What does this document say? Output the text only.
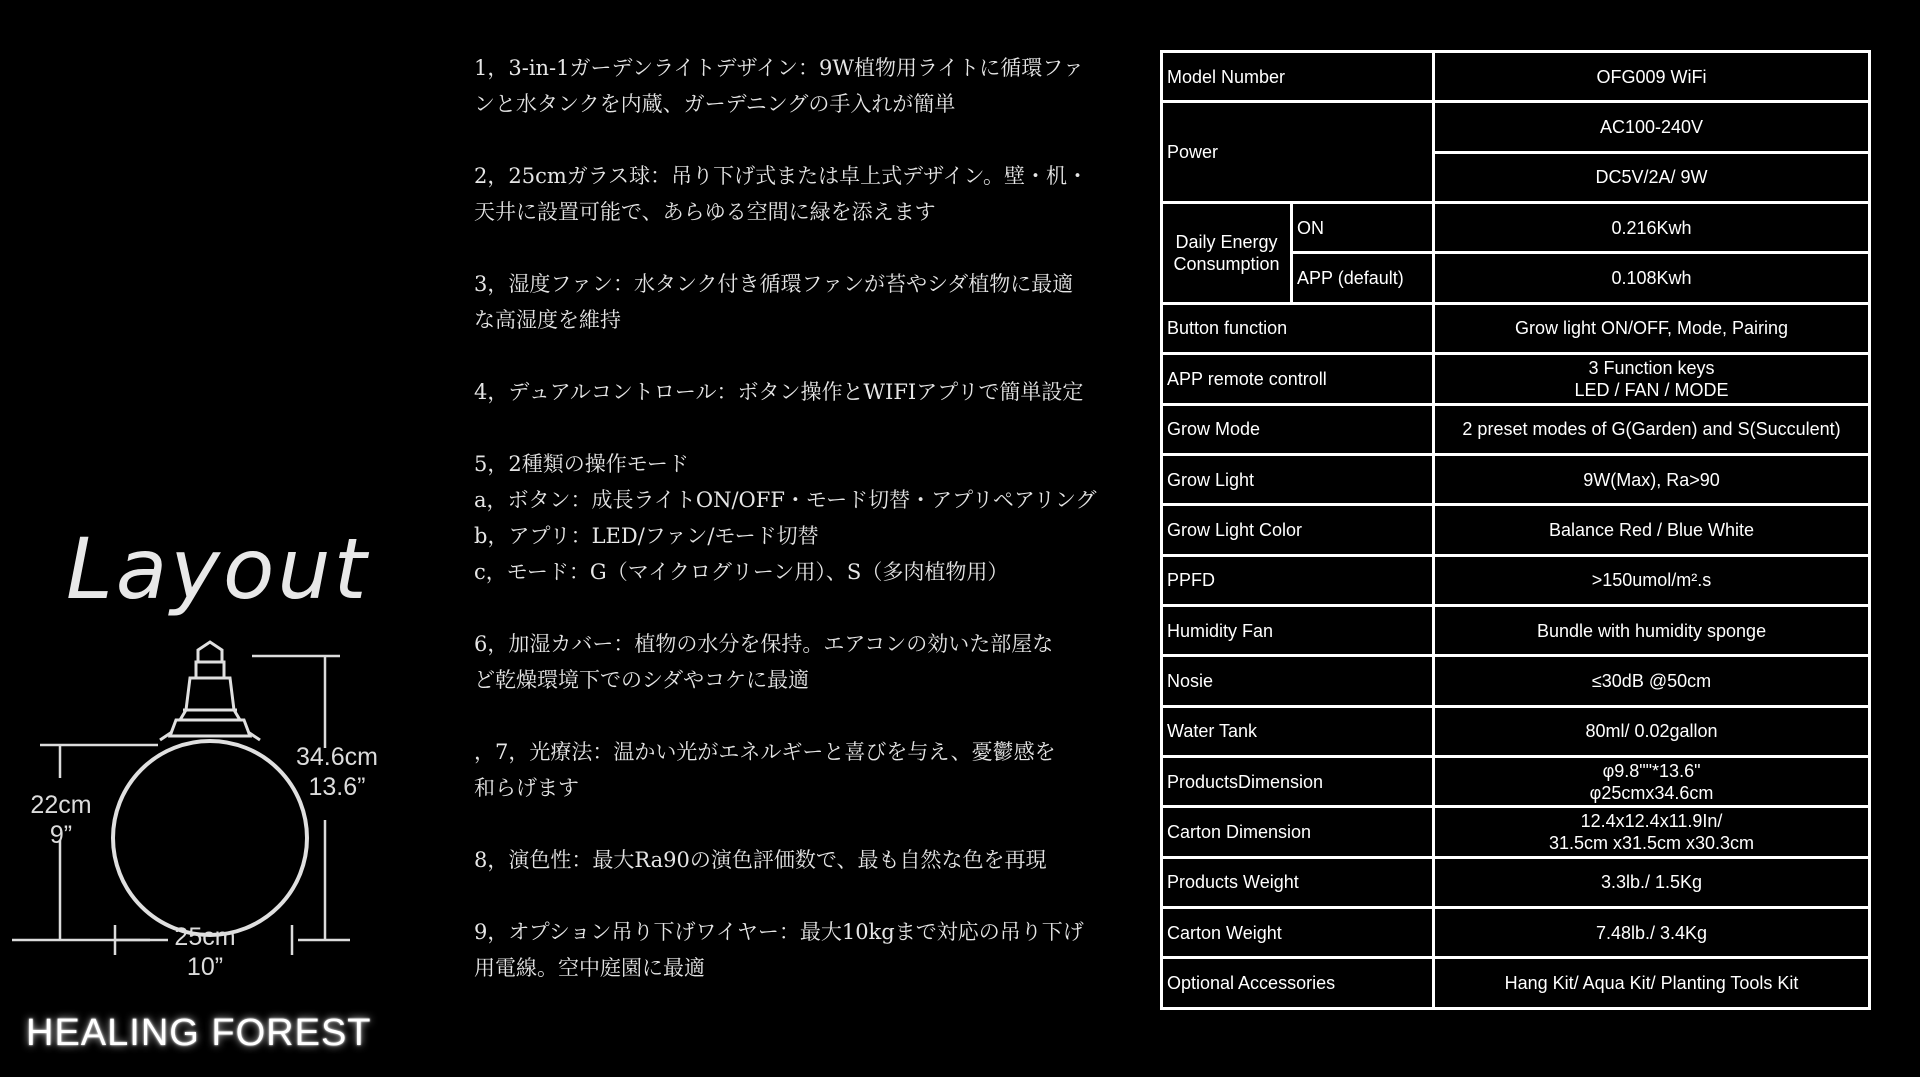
Layout
34.6cm
13.6”
22cm
9”
25cm
10”
HEALING FOREST

1，3-in-1ガーデンライトデザイン：9W植物用ライトに循環ファ

ンと水タンクを内蔵、ガーデニングの手入れが簡単

2，25cmガラス球：吊り下げ式または卓上式デザイン。壁・机・

天井に設置可能で、あらゆる空間に緑を添えます

3，湿度ファン：水タンク付き循環ファンが苔やシダ植物に最適

な高湿度を維持

4，デュアルコントロール：ボタン操作とWIFIアプリで簡単設定

5，2種類の操作モード

a，ボタン：成長ライトON/OFF・モード切替・アプリペアリング

b，アプリ：LED/ファン/モード切替

c，モード：G（マイクログリーン用）、S（多肉植物用）

6，加湿カバー：植物の水分を保持。エアコンの効いた部屋な

ど乾燥環境下でのシダやコケに最適

，7，光療法：温かい光がエネルギーと喜びを与え、憂鬱感を

和らげます

8，演色性：最大Ra90の演色評価数で、最も自然な色を再現

9，オプション吊り下げワイヤー：最大10kgまで対応の吊り下げ

用電線。空中庭園に最適

Model Number		OFG009 WiFi
Power		AC100-240V
		DC5V/2A/ 9W

Daily Energy
Consumption	ON	0.216Kwh
	APP (default)	0.108Kwh
Button function		Grow light ON/OFF, Mode, Pairing
APP remote controll		3 Function keys
LED / FAN / MODE

Grow Mode		2 preset modes of G(Garden) and S(Succulent)
Grow Light		9W(Max), Ra>90
Grow Light Color		Balance Red / Blue White
PPFD		>150umol/m².s
Humidity Fan		Bundle with humidity sponge
Nosie		≤30dB @50cm
Water Tank		80ml/ 0.02gallon
ProductsDimension		φ9.8""*13.6"
φ25cmx34.6cm

Carton Dimension		12.4x12.4x11.9In/
31.5cm x31.5cm x30.3cm

Products Weight		3.3lb./ 1.5Kg
Carton Weight		7.48lb./ 3.4Kg
Optional Accessories		Hang Kit/ Aqua Kit/ Planting Tools Kit
